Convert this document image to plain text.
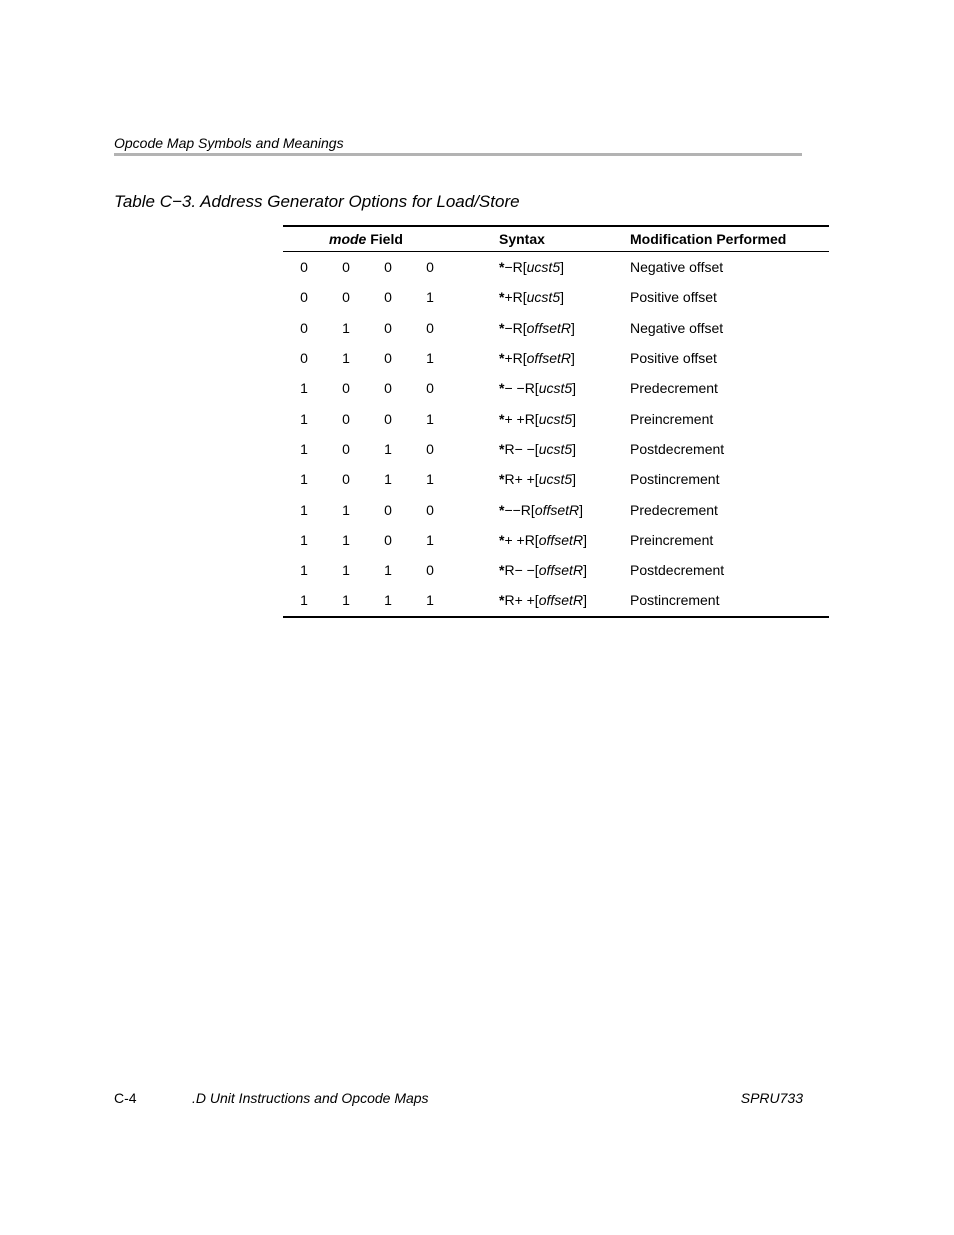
Opcode Map Symbols and Meanings
Table C−3. Address Generator Options for Load/Store
mode Field					Syntax	Modification Performed
0	0	0	0		*−R[ucst5]	Negative offset
0	0	0	1		*+R[ucst5]	Positive offset
0	1	0	0		*−R[offsetR]	Negative offset
0	1	0	1		*+R[offsetR]	Positive offset
1	0	0	0		*− −R[ucst5]	Predecrement
1	0	0	1		*+ +R[ucst5]	Preincrement
1	0	1	0		*R− −[ucst5]	Postdecrement
1	0	1	1		*R+ +[ucst5]	Postincrement
1	1	0	0		*−−R[offsetR]	Predecrement
1	1	0	1		*+ +R[offsetR]	Preincrement
1	1	1	0		*R− −[offsetR]	Postdecrement
1	1	1	1		*R+ +[offsetR]	Postincrement
C-4	.D Unit Instructions and Opcode Maps	SPRU733
